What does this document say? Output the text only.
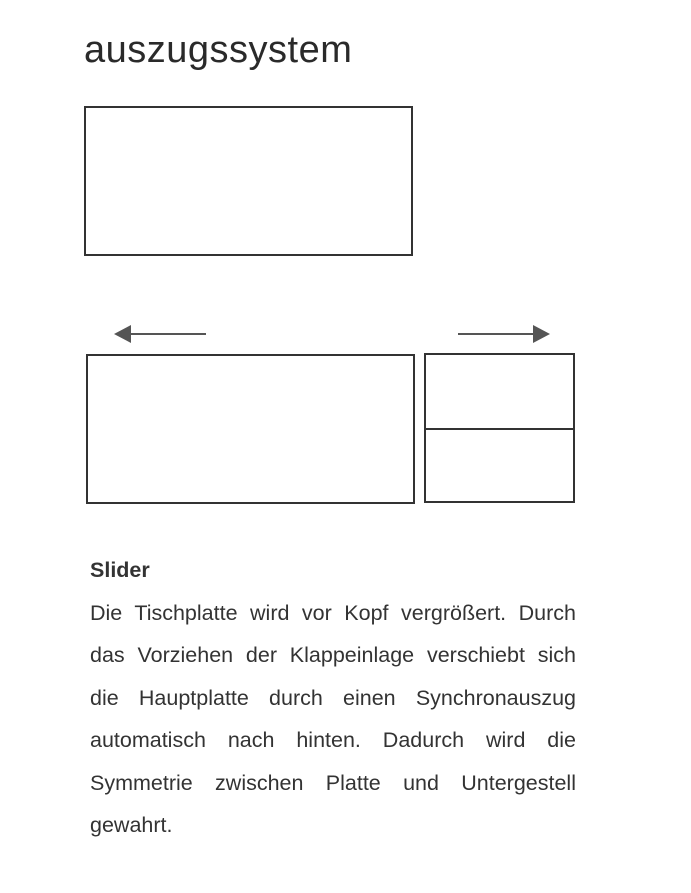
auszugssystem
Slider
Die Tischplatte wird vor Kopf vergrößert. Durch das Vorziehen der Klappeinlage verschiebt sich die Hauptplatte durch einen Synchronauszug automatisch nach hinten. Dadurch wird die Symmetrie zwischen Platte und Untergestell gewahrt.
